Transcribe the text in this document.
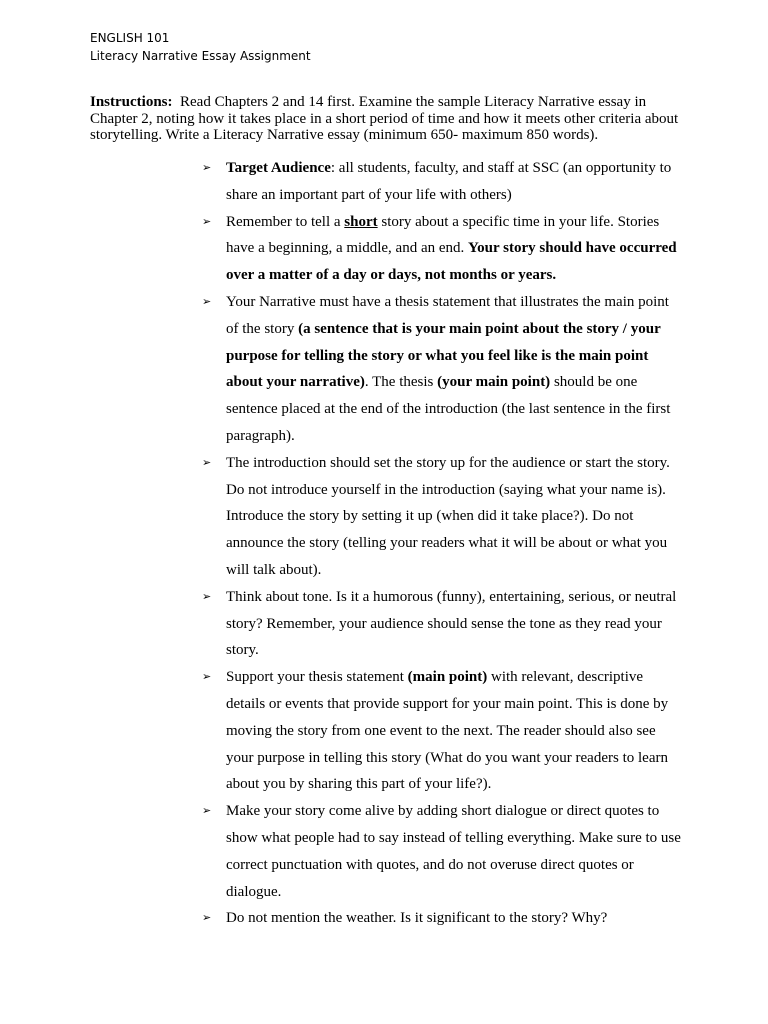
ENGLISH 101
Literacy Narrative Essay Assignment
Instructions: Read Chapters 2 and 14 first. Examine the sample Literacy Narrative essay in Chapter 2, noting how it takes place in a short period of time and how it meets other criteria about storytelling. Write a Literacy Narrative essay (minimum 650- maximum 850 words).
➢ Target Audience: all students, faculty, and staff at SSC (an opportunity to share an important part of your life with others)
➢ Remember to tell a short story about a specific time in your life. Stories have a beginning, a middle, and an end. Your story should have occurred over a matter of a day or days, not months or years.
➢ Your Narrative must have a thesis statement that illustrates the main point of the story (a sentence that is your main point about the story / your purpose for telling the story or what you feel like is the main point about your narrative). The thesis (your main point) should be one sentence placed at the end of the introduction (the last sentence in the first paragraph).
➢ The introduction should set the story up for the audience or start the story. Do not introduce yourself in the introduction (saying what your name is). Introduce the story by setting it up (when did it take place?). Do not announce the story (telling your readers what it will be about or what you will talk about).
➢ Think about tone. Is it a humorous (funny), entertaining, serious, or neutral story? Remember, your audience should sense the tone as they read your story.
➢ Support your thesis statement (main point) with relevant, descriptive details or events that provide support for your main point. This is done by moving the story from one event to the next. The reader should also see your purpose in telling this story (What do you want your readers to learn about you by sharing this part of your life?).
➢ Make your story come alive by adding short dialogue or direct quotes to show what people had to say instead of telling everything. Make sure to use correct punctuation with quotes, and do not overuse direct quotes or dialogue.
➢ Do not mention the weather. Is it significant to the story? Why?
